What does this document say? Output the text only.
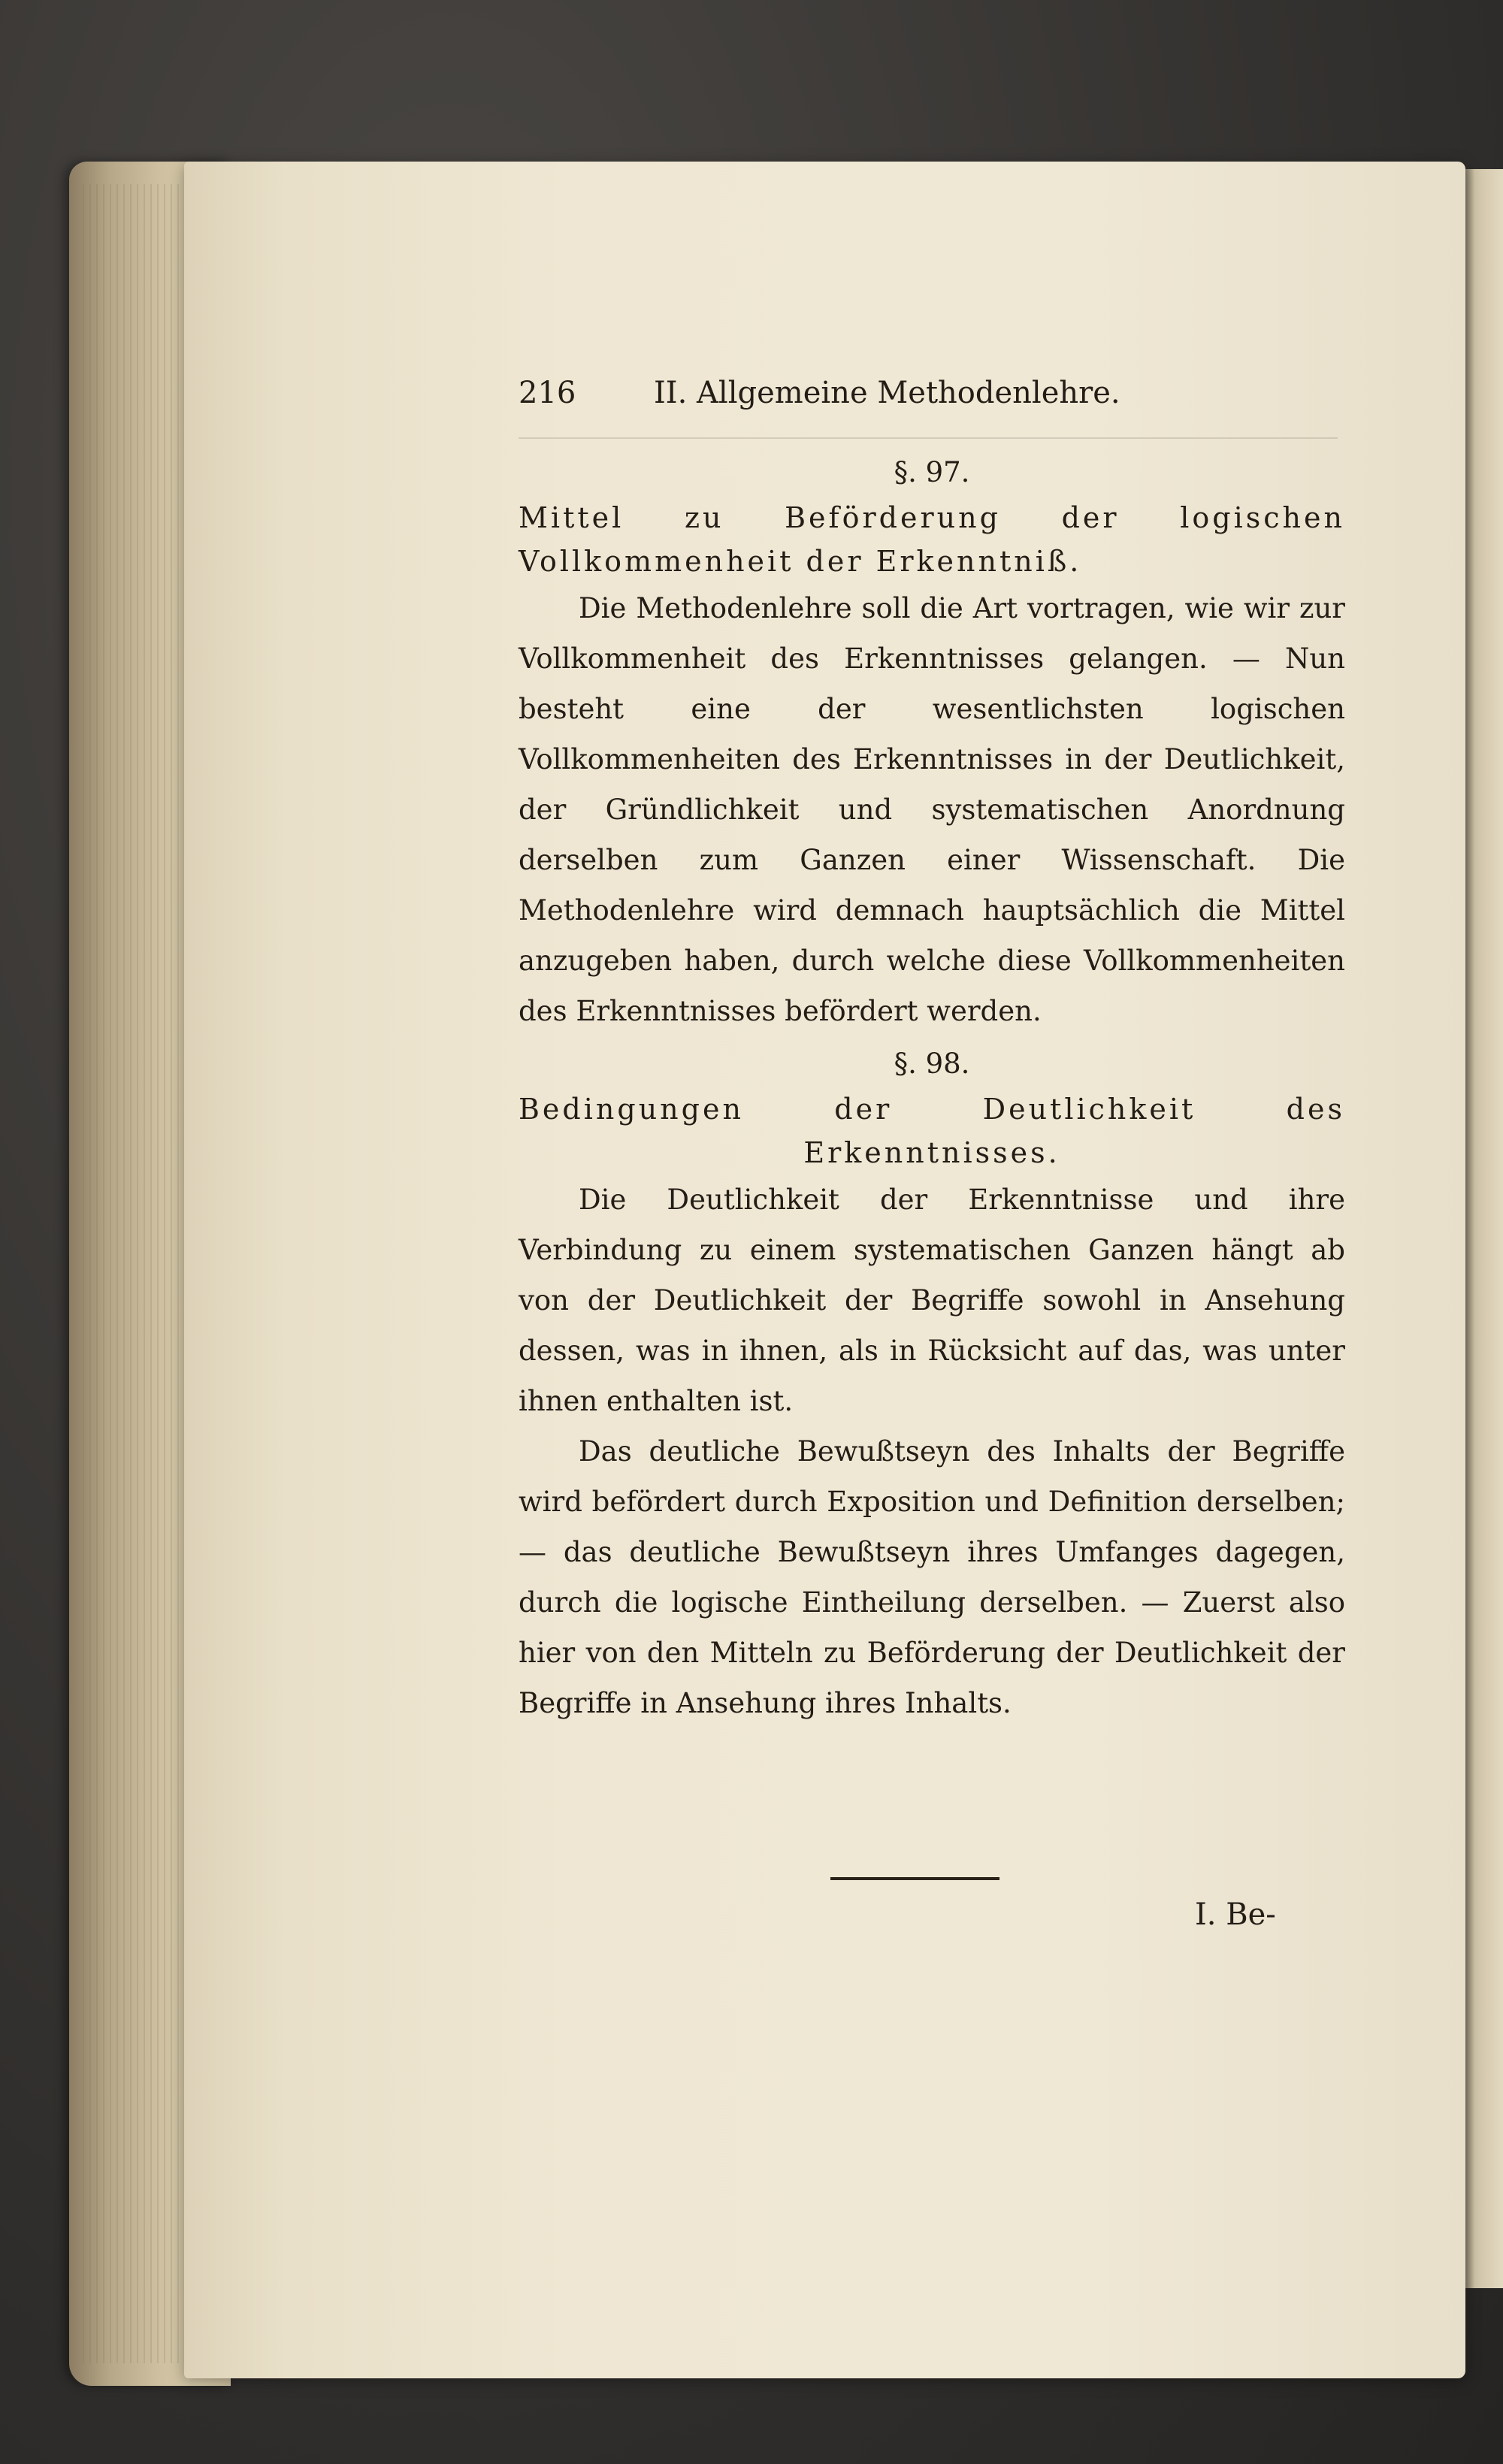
216	II. Allgemeine Methodenlehre.
§. 97.
Mittel zu Beförderung der logischen Vollkommenheit der Erkenntniß.

Die Methodenlehre soll die Art vortragen, wie wir zur Vollkommenheit des Erkenntnisses gelangen. — Nun besteht eine der wesentlichsten logischen Vollkommenheiten des Erkenntnisses in der Deutlichkeit, der Gründlichkeit und systematischen Anordnung derselben zum Ganzen einer Wissenschaft. Die Methodenlehre wird demnach hauptsächlich die Mittel anzugeben haben, durch welche diese Vollkommenheiten des Erkenntnisses befördert werden.

§. 98.
Bedingungen der Deutlichkeit des Erkenntnisses.

Die Deutlichkeit der Erkenntnisse und ihre Verbindung zu einem systematischen Ganzen hängt ab von der Deutlichkeit der Begriffe sowohl in Ansehung dessen, was in ihnen, als in Rücksicht auf das, was unter ihnen enthalten ist.

Das deutliche Bewußtseyn des Inhalts der Begriffe wird befördert durch Exposition und Definition derselben; — das deutliche Bewußtseyn ihres Umfanges dagegen, durch die logische Eintheilung derselben. — Zuerst also hier von den Mitteln zu Beförderung der Deutlichkeit der Begriffe in Ansehung ihres Inhalts.

I. Be-
